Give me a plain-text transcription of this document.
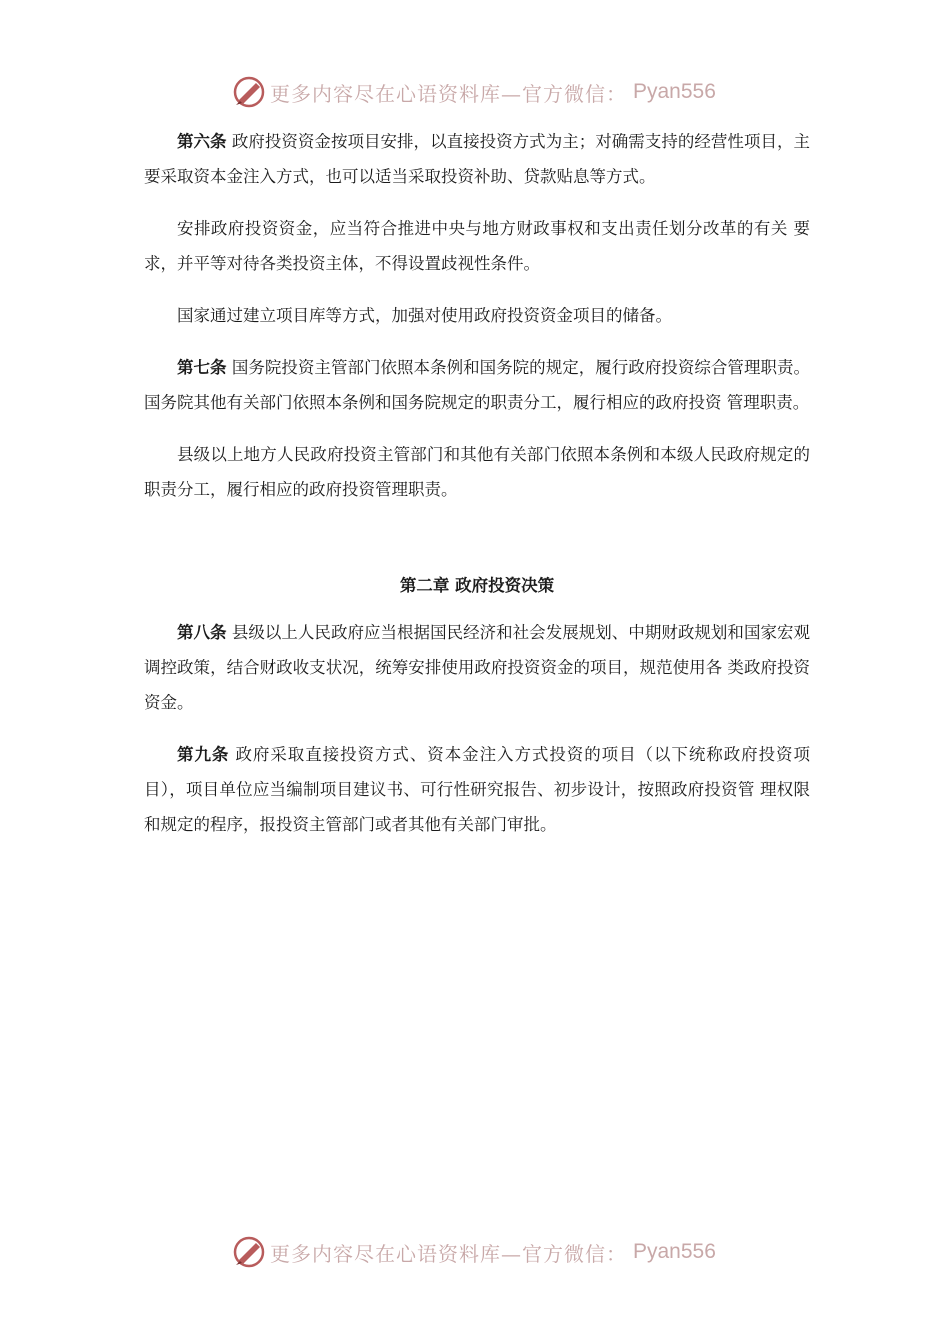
更多内容尽在心语资料库—官方微信： Pyan556

第六条 政府投资资金按项目安排，以直接投资方式为主；对确需支持的经营性项目，主要采取资本金注入方式，也可以适当采取投资补助、贷款贴息等方式。

安排政府投资资金，应当符合推进中央与地方财政事权和支出责任划分改革的有关 要求，并平等对待各类投资主体，不得设置歧视性条件。

国家通过建立项目库等方式，加强对使用政府投资资金项目的储备。

第七条 国务院投资主管部门依照本条例和国务院的规定，履行政府投资综合管理职责。国务院其他有关部门依照本条例和国务院规定的职责分工，履行相应的政府投资 管理职责。

县级以上地方人民政府投资主管部门和其他有关部门依照本条例和本级人民政府规定的职责分工，履行相应的政府投资管理职责。

第二章 政府投资决策

第八条 县级以上人民政府应当根据国民经济和社会发展规划、中期财政规划和国家宏观调控政策，结合财政收支状况，统筹安排使用政府投资资金的项目，规范使用各 类政府投资资金。

第九条 政府采取直接投资方式、资本金注入方式投资的项目（以下统称政府投资项目），项目单位应当编制项目建议书、可行性研究报告、初步设计，按照政府投资管 理权限和规定的程序，报投资主管部门或者其他有关部门审批。

更多内容尽在心语资料库—官方微信： Pyan556
